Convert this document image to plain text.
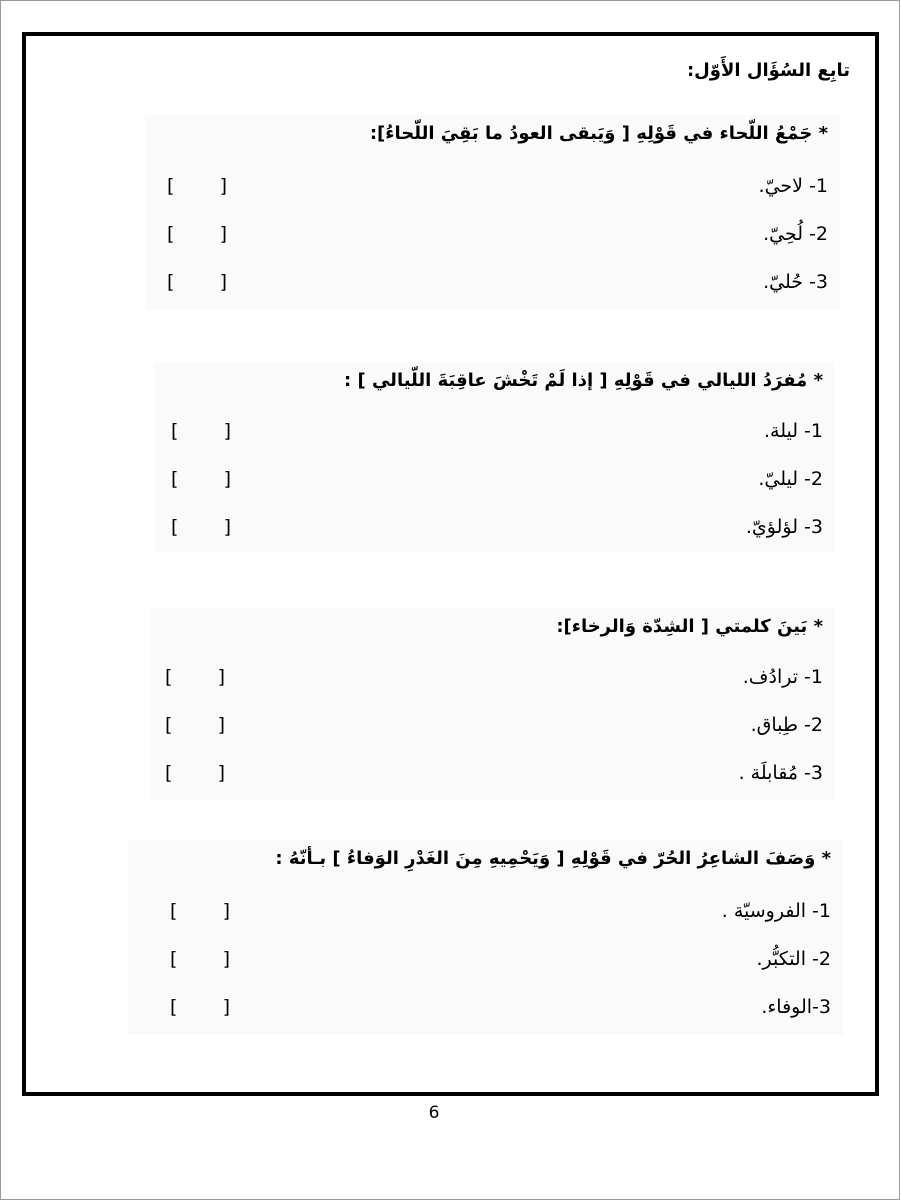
تابِع السُؤَال الأَوّل:
* جَمْعُ اللّحاء في قَوْلِهِ [ وَيَبقى العودُ ما بَقِيَ اللّحاءُ]:
1- لاحيّ.
[ ]
2- لُحِيّ.
[ ]
3- حُليّ.
[ ]
* مُفرَدُ الليالي في قَوْلِهِ [ إذا لَمْ تَخْشَ عاقِبَةَ اللّيالي ] :
1- ليلة.
[ ]
2- ليليّ.
[ ]
3- لؤلؤيّ.
[ ]
* بَينَ كلمتي [ الشِدّة وَالرخاء]:
1- ترادُف.
[ ]
2- طِباق.
[ ]
3- مُقابلَة .
[ ]
* وَصَفَ الشاعِرُ الحُرّ في قَوْلِهِ [ وَيَحْمِيهِ مِنَ الغَدْرِ الوَفاءُ ] بـأنّهُ :
1- الفروسيّة .
[ ]
2- التكبُّر.
[ ]
3-الوفاء.
[ ]
6
